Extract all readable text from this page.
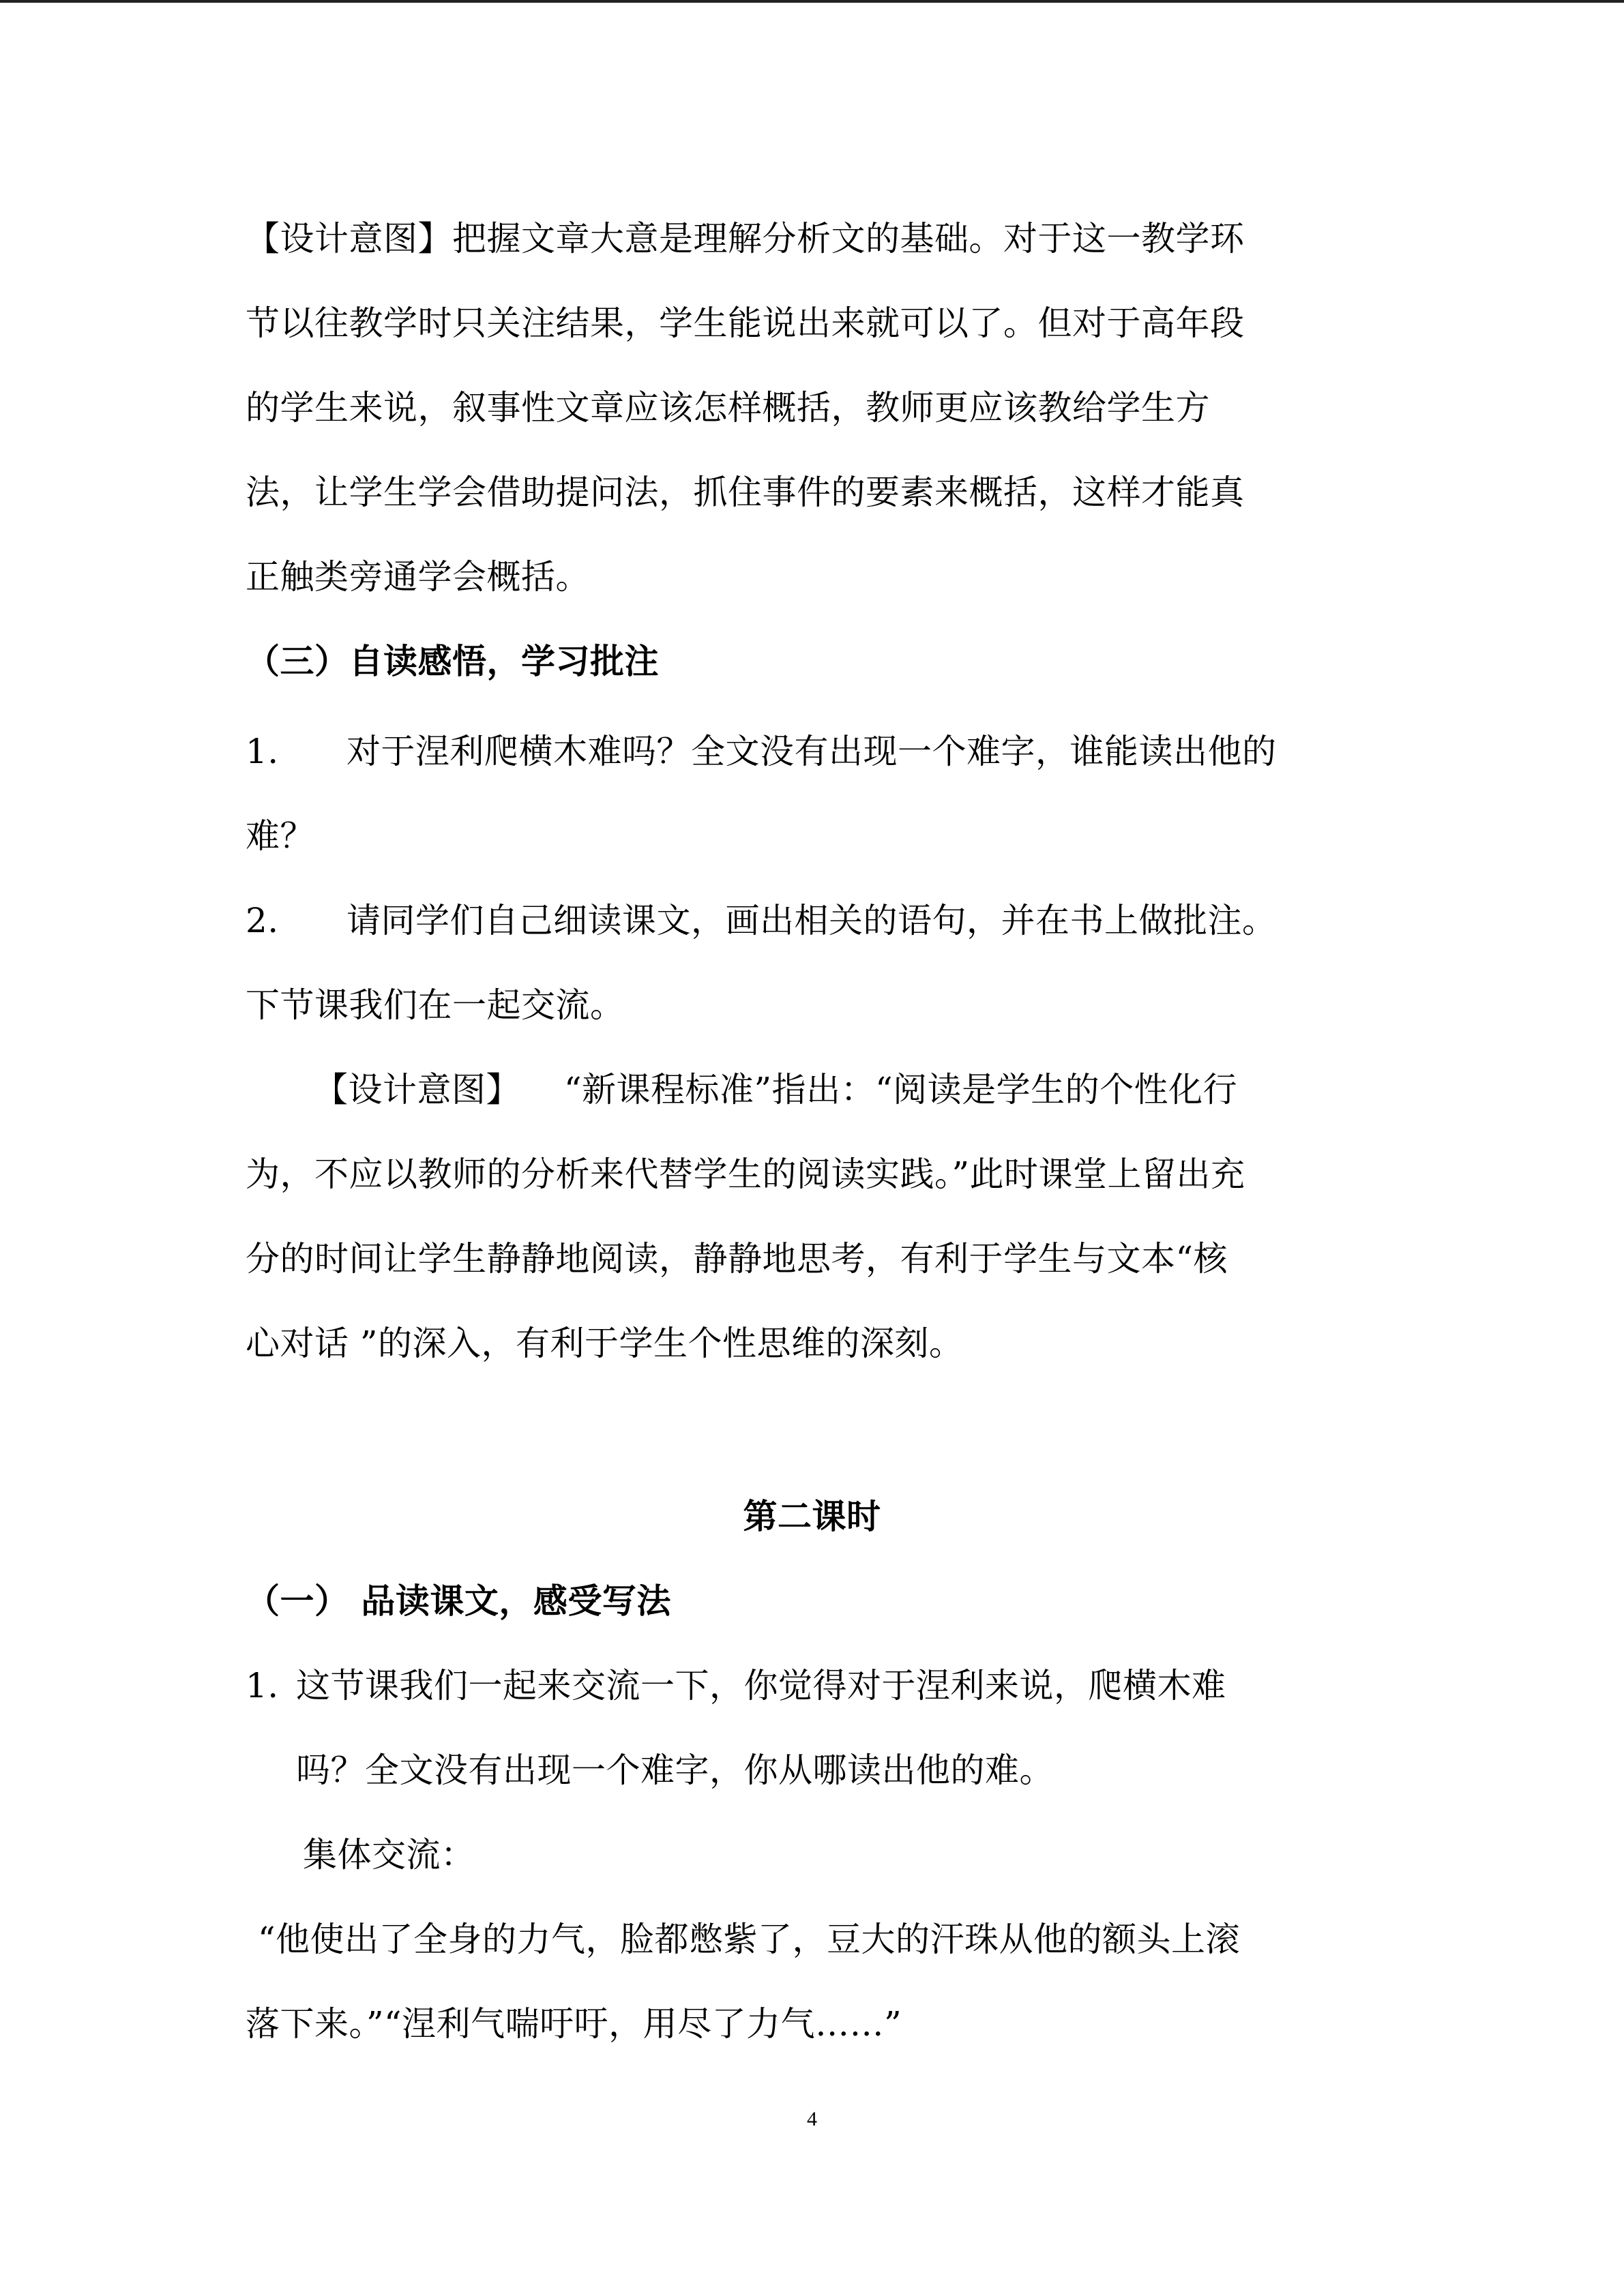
【设计意图】把握文章大意是理解分析文的基础。对于这一教学环
节以往教学时只关注结果，学生能说出来就可以了。但对于高年段
的学生来说，叙事性文章应该怎样概括，教师更应该教给学生方
法，让学生学会借助提问法，抓住事件的要素来概括，这样才能真
正触类旁通学会概括。
（三）自读感悟，学习批注
1. 对于涅利爬横木难吗？全文没有出现一个难字，谁能读出他的
难？
2. 请同学们自己细读课文，画出相关的语句，并在书上做批注。
下节课我们在一起交流。
【设计意图】 “新课程标准”指出：“阅读是学生的个性化行
为，不应以教师的分析来代替学生的阅读实践。”此时课堂上留出充
分的时间让学生静静地阅读，静静地思考，有利于学生与文本“核
心对话 ”的深入，有利于学生个性思维的深刻。
第二课时
（一） 品读课文，感受写法
1. 这节课我们一起来交流一下，你觉得对于涅利来说，爬横木难
吗？全文没有出现一个难字，你从哪读出他的难。
集体交流：
“他使出了全身的力气，脸都憋紫了，豆大的汗珠从他的额头上滚
落下来。”“涅利气喘吁吁，用尽了力气……”
4
